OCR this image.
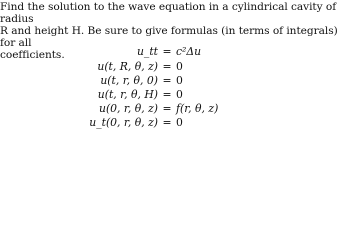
Find the solution to the wave equation in a cylindrical cavity of radius
R and height H. Be sure to give formulas (in terms of integrals) for all
coefficients.	u_tt = c²Δu
u(t, R, θ, z) = 0
u(t, r, θ, 0) = 0
u(t, r, θ, H) = 0
u(0, r, θ, z) = f(r, θ, z)
u_t(0, r, θ, z) = 0
